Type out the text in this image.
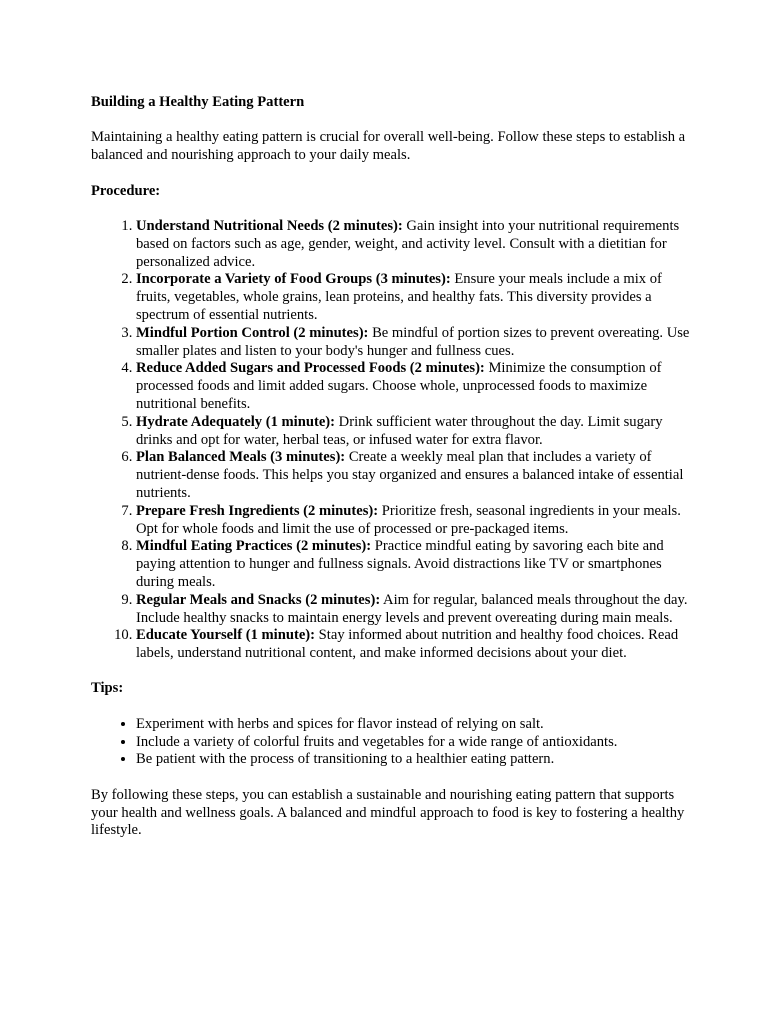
Building a Healthy Eating Pattern

Maintaining a healthy eating pattern is crucial for overall well-being. Follow these steps to establish a balanced and nourishing approach to your daily meals.

Procedure:

1. Understand Nutritional Needs (2 minutes): Gain insight into your nutritional requirements based on factors such as age, gender, weight, and activity level. Consult with a dietitian for personalized advice.
2. Incorporate a Variety of Food Groups (3 minutes): Ensure your meals include a mix of fruits, vegetables, whole grains, lean proteins, and healthy fats. This diversity provides a spectrum of essential nutrients.
3. Mindful Portion Control (2 minutes): Be mindful of portion sizes to prevent overeating. Use smaller plates and listen to your body's hunger and fullness cues.
4. Reduce Added Sugars and Processed Foods (2 minutes): Minimize the consumption of processed foods and limit added sugars. Choose whole, unprocessed foods to maximize nutritional benefits.
5. Hydrate Adequately (1 minute): Drink sufficient water throughout the day. Limit sugary drinks and opt for water, herbal teas, or infused water for extra flavor.
6. Plan Balanced Meals (3 minutes): Create a weekly meal plan that includes a variety of nutrient-dense foods. This helps you stay organized and ensures a balanced intake of essential nutrients.
7. Prepare Fresh Ingredients (2 minutes): Prioritize fresh, seasonal ingredients in your meals. Opt for whole foods and limit the use of processed or pre-packaged items.
8. Mindful Eating Practices (2 minutes): Practice mindful eating by savoring each bite and paying attention to hunger and fullness signals. Avoid distractions like TV or smartphones during meals.
9. Regular Meals and Snacks (2 minutes): Aim for regular, balanced meals throughout the day. Include healthy snacks to maintain energy levels and prevent overeating during main meals.
10. Educate Yourself (1 minute): Stay informed about nutrition and healthy food choices. Read labels, understand nutritional content, and make informed decisions about your diet.

Tips:

• Experiment with herbs and spices for flavor instead of relying on salt.
• Include a variety of colorful fruits and vegetables for a wide range of antioxidants.
• Be patient with the process of transitioning to a healthier eating pattern.

By following these steps, you can establish a sustainable and nourishing eating pattern that supports your health and wellness goals. A balanced and mindful approach to food is key to fostering a healthy lifestyle.
